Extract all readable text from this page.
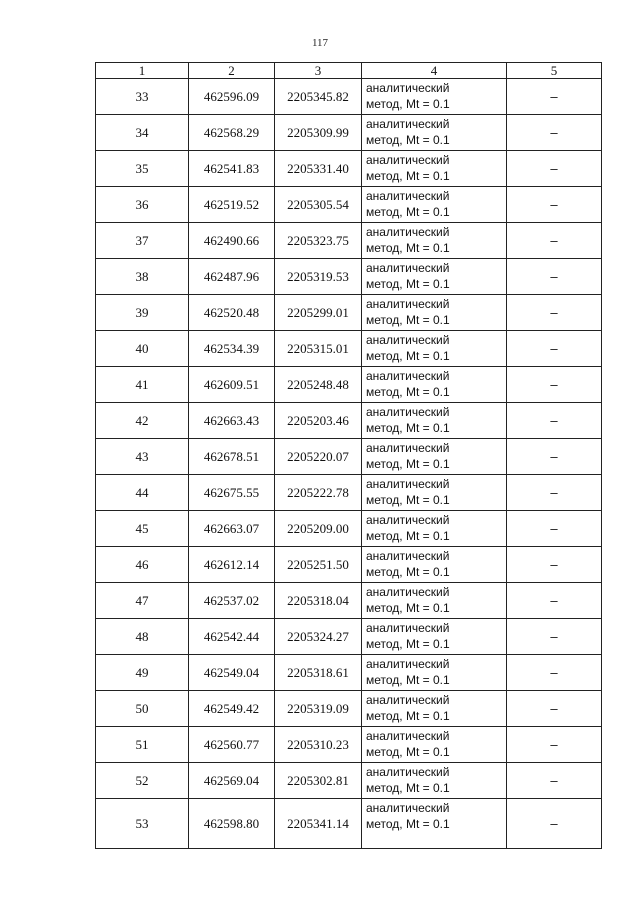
117
1	2	3	4	5
33	462596.09	2205345.82	аналитический
метод, Mt = 0.1	–
34	462568.29	2205309.99	аналитический
метод, Mt = 0.1	–
35	462541.83	2205331.40	аналитический
метод, Mt = 0.1	–
36	462519.52	2205305.54	аналитический
метод, Mt = 0.1	–
37	462490.66	2205323.75	аналитический
метод, Mt = 0.1	–
38	462487.96	2205319.53	аналитический
метод, Mt = 0.1	–
39	462520.48	2205299.01	аналитический
метод, Mt = 0.1	–
40	462534.39	2205315.01	аналитический
метод, Mt = 0.1	–
41	462609.51	2205248.48	аналитический
метод, Mt = 0.1	–
42	462663.43	2205203.46	аналитический
метод, Mt = 0.1	–
43	462678.51	2205220.07	аналитический
метод, Mt = 0.1	–
44	462675.55	2205222.78	аналитический
метод, Mt = 0.1	–
45	462663.07	2205209.00	аналитический
метод, Mt = 0.1	–
46	462612.14	2205251.50	аналитический
метод, Mt = 0.1	–
47	462537.02	2205318.04	аналитический
метод, Mt = 0.1	–
48	462542.44	2205324.27	аналитический
метод, Mt = 0.1	–
49	462549.04	2205318.61	аналитический
метод, Mt = 0.1	–
50	462549.42	2205319.09	аналитический
метод, Mt = 0.1	–
51	462560.77	2205310.23	аналитический
метод, Mt = 0.1	–
52	462569.04	2205302.81	аналитический
метод, Mt = 0.1	–
53	462598.80	2205341.14	аналитический
метод, Mt = 0.1	–
